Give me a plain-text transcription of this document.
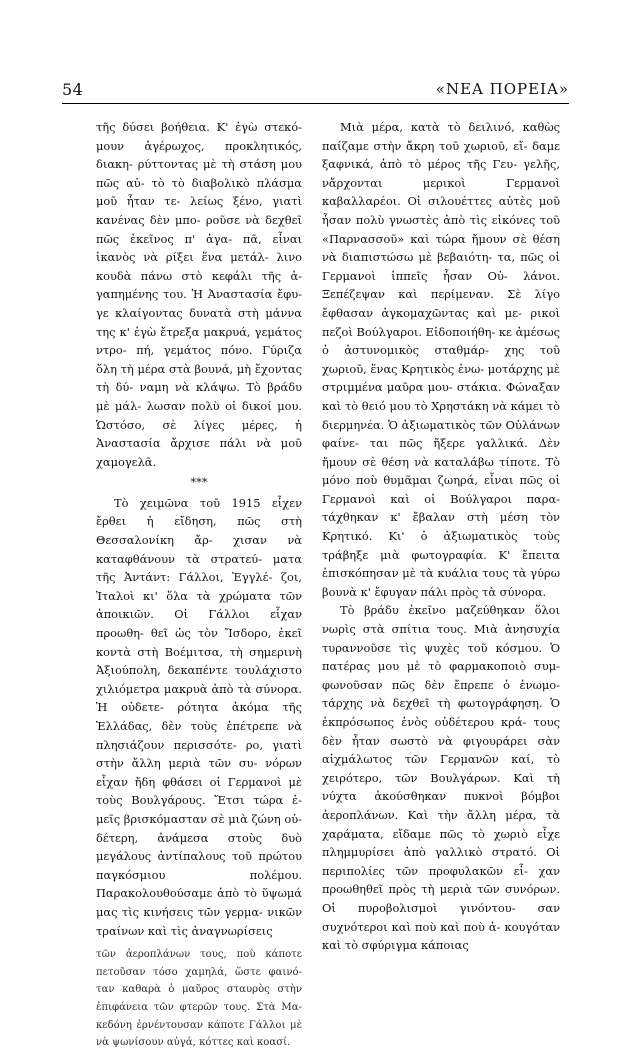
54	«ΝΕΑ ΠΟΡΕΙΑ»

τῆς δύσει βοήθεια. Κ' ἐγὼ στεκό- μουν ἀγέρωχος, προκλητικός, διακη- ρύττοντας μὲ τὴ στάση μου πῶς αὐ- τὸ τὸ διαβολικὸ πλάσμα μοῦ ἦταν τε- λείως ξένο, γιατὶ κανένας δὲν μπο- ροῦσε νὰ δεχθεῖ πῶς ἐκεῖνος π' ἀγα- πᾶ, εἶναι ἱκανὸς νὰ ρίξει ἕνα μετάλ- λινο κουδὰ πάνω στὸ κεφάλι τῆς ἀ- γαπημένης του. Ἡ Ἀναστασία ἔφυ- γε κλαίγοντας δυνατὰ στὴ μάννα της κ' ἐγὼ ἔτρεξα μακρυά, γεμάτος ντρο- πή, γεμάτος πόνο. Γύριζα ὅλη τὴ μέρα στὰ βουνά, μὴ ἔχοντας τὴ δύ- ναμη νὰ κλάψω. Τὸ βράδυ μὲ μάλ- λωσαν πολὺ οἱ δικοί μου. Ὡστόσο, σὲ λίγες μέρες, ἡ Ἀναστασία ἄρχισε πάλι νὰ μοῦ χαμογελᾶ.

***

Τὸ χειμῶνα τοῦ 1915 εἶχεν ἔρθει ἡ εἴδηση, πῶς στὴ Θεσσαλονίκη ἄρ- χισαν νὰ καταφθάνουν τὰ στρατεύ- ματα τῆς Ἀντάντ: Γάλλοι, Ἐγγλέ- ζοι, Ἰταλοὶ κι' ὅλα τὰ χρώματα τῶν ἀποικιῶν. Οἱ Γάλλοι εἶχαν προωθη- θεῖ ὡς τὸν Ἴσδορο, ἐκεῖ κοντὰ στὴ Βοέμιτσα, τὴ σημερινὴ Ἀξιούπολη, δεκαπέντε τουλάχιστο χιλιόμετρα μακρυὰ ἀπὸ τὰ σύνορα. Ἡ οὐδετε- ρότητα ἀκόμα τῆς Ἑλλάδας, δὲν τοὺς ἐπέτρεπε νὰ πλησιάζουν περισσότε- ρο, γιατὶ στὴν ἄλλη μεριὰ τῶν συ- νόρων εἶχαν ἤδη φθάσει οἱ Γερμανοὶ μὲ τοὺς Βουλγάρους. Ἔτσι τώρα ἐ- μεῖς βρισκόμασταν σὲ μιὰ ζώνη οὐ- δέτερη, ἀνάμεσα στοὺς δυὸ μεγάλους ἀντίπαλους τοῦ πρώτου παγκόσμιου πολέμου. Παρακολουθούσαμε ἀπὸ τὸ ὕψωμά μας τὶς κινήσεις τῶν γερμα- νικῶν τραίνων καὶ τὶς ἀναγνωρίσεις

τῶν ἀεροπλάνων τους, ποὺ κάποτε πετοῦσαν τόσο χαμηλά, ὥστε φαινό- ταν καθαρὰ ὁ μαῦρος σταυρὸς στὴν ἐπιφάνεια τῶν φτερῶν τους. Στὰ Μα- κεδόνη ἐρνέντουσαν κάποτε Γάλλοι μὲ νὰ ψωνίσουν αὐγά, κόττες καὶ κοασί.

Μιὰ μέρα, κατὰ τὸ δειλινό, καθὼς παίζαμε στὴν ἄκρη τοῦ χωριοῦ, εἴ- δαμε ξαφνικά, ἀπὸ τὸ μέρος τῆς Γευ- γελῆς, νἄρχονται μερικοὶ Γερμανοὶ καβαλλαρέοι. Οἱ σιλουέττες αὐτὲς μοῦ ἦσαν πολὺ γνωστὲς ἀπὸ τὶς εἰκόνες τοῦ «Παρνασσοῦ» καὶ τώρα ἤμουν σὲ θέση νὰ διαπιστώσω μὲ βεβαιότη- τα, πῶς οἱ Γερμανοὶ ἱππεῖς ἦσαν Οὐ- λάνοι. Ξεπέζεψαν καὶ περίμεναν. Σὲ λίγο ἔφθασαν ἀγκομαχῶντας καὶ με- ρικοὶ πεζοὶ Βούλγαροι. Εἰδοποιήθη- κε ἀμέσως ὁ ἀστυνομικὸς σταθμάρ- χης τοῦ χωριοῦ, ἕνας Κρητικὸς ἐνω- μοτάρχης μὲ στριμμένα μαῦρα μου- στάκια. Φώναξαν καὶ τὸ θειό μου τὸ Χρηστάκη νὰ κάμει τὸ διερμηνέα. Ὁ ἀξιωματικὸς τῶν Οὐλάνων φαίνε- ται πῶς ἤξερε γαλλικά. Δὲν ἤμουν σὲ θέση νὰ καταλάβω τίποτε. Τὸ μόνο ποὺ θυμᾶμαι ζωηρά, εἶναι πῶς οἱ Γερμανοὶ καὶ οἱ Βούλγαροι παρα- τάχθηκαν κ' ἔβαλαν στὴ μέση τὸν Κρητικό. Κι' ὁ ἀξιωματικὸς τοὺς τράβηξε μιὰ φωτογραφία. Κ' ἔπειτα ἐπισκόπησαν μὲ τὰ κυάλια τους τὰ γύρω βουνὰ κ' ἔφυγαν πάλι πρὸς τὰ σύνορα.

Τὸ βράδυ ἐκεῖνο μαζεύθηκαν ὅλοι νωρὶς στὰ σπίτια τους. Μιὰ ἀνησυχία τυραννοῦσε τὶς ψυχὲς τοῦ κόσμου. Ὁ πατέρας μου μὲ τὸ φαρμακοποιὸ συμ- φωνοῦσαν πῶς δὲν ἔπρεπε ὁ ἐνωμο- τάρχης νὰ δεχθεῖ τὴ φωτογράφηση. Ὁ ἐκπρόσωπος ἑνὸς οὐδέτερου κρά- τους δὲν ἦταν σωστὸ νὰ φιγουράρει σὰν αἰχμάλωτος τῶν Γερμανῶν καί, τὸ χειρότερο, τῶν Βουλγάρων. Καὶ τὴ νύχτα ἀκούσθηκαν πυκνοὶ βόμβοι ἀεροπλάνων. Καὶ τὴν ἄλλη μέρα, τὰ χαράματα, εἴδαμε πῶς τὸ χωριὸ εἶχε πλημμυρίσει ἀπὸ γαλλικὸ στρατό. Οἱ περιπολίες τῶν προφυλακῶν εἶ- χαν προωθηθεῖ πρὸς τὴ μεριὰ τῶν συνόρων. Οἱ πυροβολισμοὶ γινόντου- σαν συχνότεροι καὶ ποὺ καὶ ποὺ ἀ- κουγόταν καὶ τὸ σφύριγμα κάποιας
